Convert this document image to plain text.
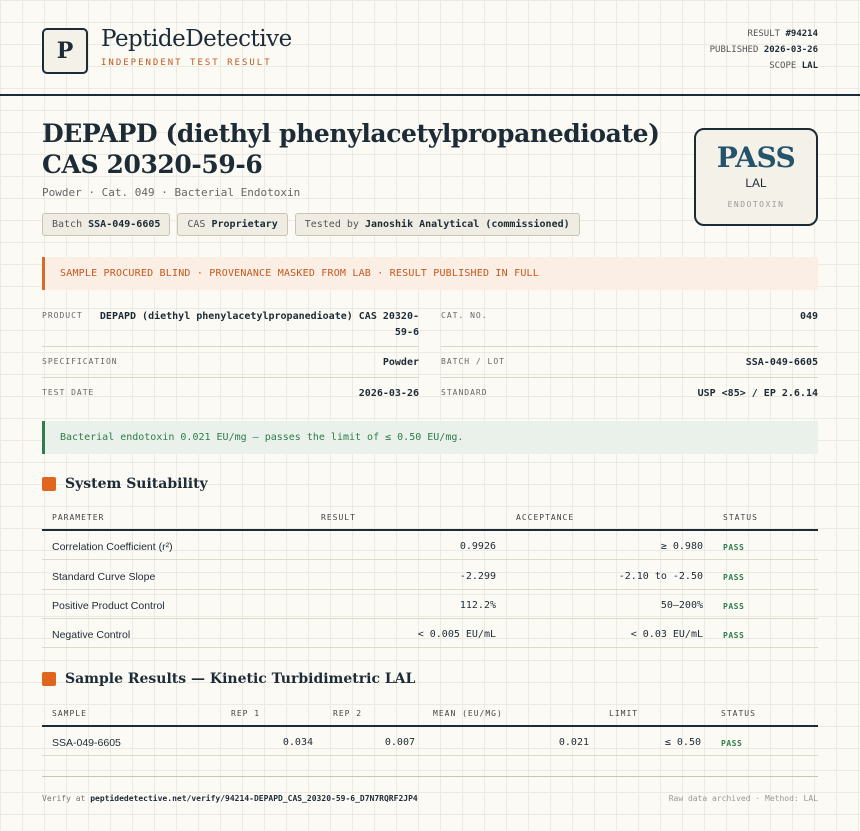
P	PeptideDetective
INDEPENDENT TEST RESULT
RESULT #94214
PUBLISHED 2026-03-26
SCOPE LAL
DEPAPD (diethyl phenylacetylpropanedioate) CAS 20320-59-6
Powder · Cat. 049 · Bacterial Endotoxin
Batch SSA-049-6605	CAS Proprietary	Tested by Janoshik Analytical (commissioned)
PASS
LAL
ENDOTOXIN
SAMPLE PROCURED BLIND · PROVENANCE MASKED FROM LAB · RESULT PUBLISHED IN FULL
PRODUCT DEPAPD (diethyl phenylacetylpropanedioate) CAS 20320-59-6
CAT. NO.	049
SPECIFICATION	Powder	BATCH / LOT	SSA-049-6605
TEST DATE	2026-03-26	STANDARD	USP <85> / EP 2.6.14
Bacterial endotoxin 0.021 EU/mg — passes the limit of ≤ 0.50 EU/mg.
System Suitability
PARAMETER	RESULT	ACCEPTANCE	STATUS
Correlation Coefficient (r²)	0.9926	≥ 0.980	PASS
Standard Curve Slope	-2.299	-2.10 to -2.50	PASS
Positive Product Control	112.2%	50–200%	PASS
Negative Control	< 0.005 EU/mL	< 0.03 EU/mL	PASS
Sample Results — Kinetic Turbidimetric LAL
SAMPLE	REP 1	REP 2	MEAN (EU/MG)	LIMIT	STATUS
SSA-049-6605	0.034	0.007	0.021	≤ 0.50	PASS
Verify at peptidedetective.net/verify/94214-DEPAPD_CAS_20320-59-6_D7N7RQRF2JP4	Raw data archived · Method: LAL
